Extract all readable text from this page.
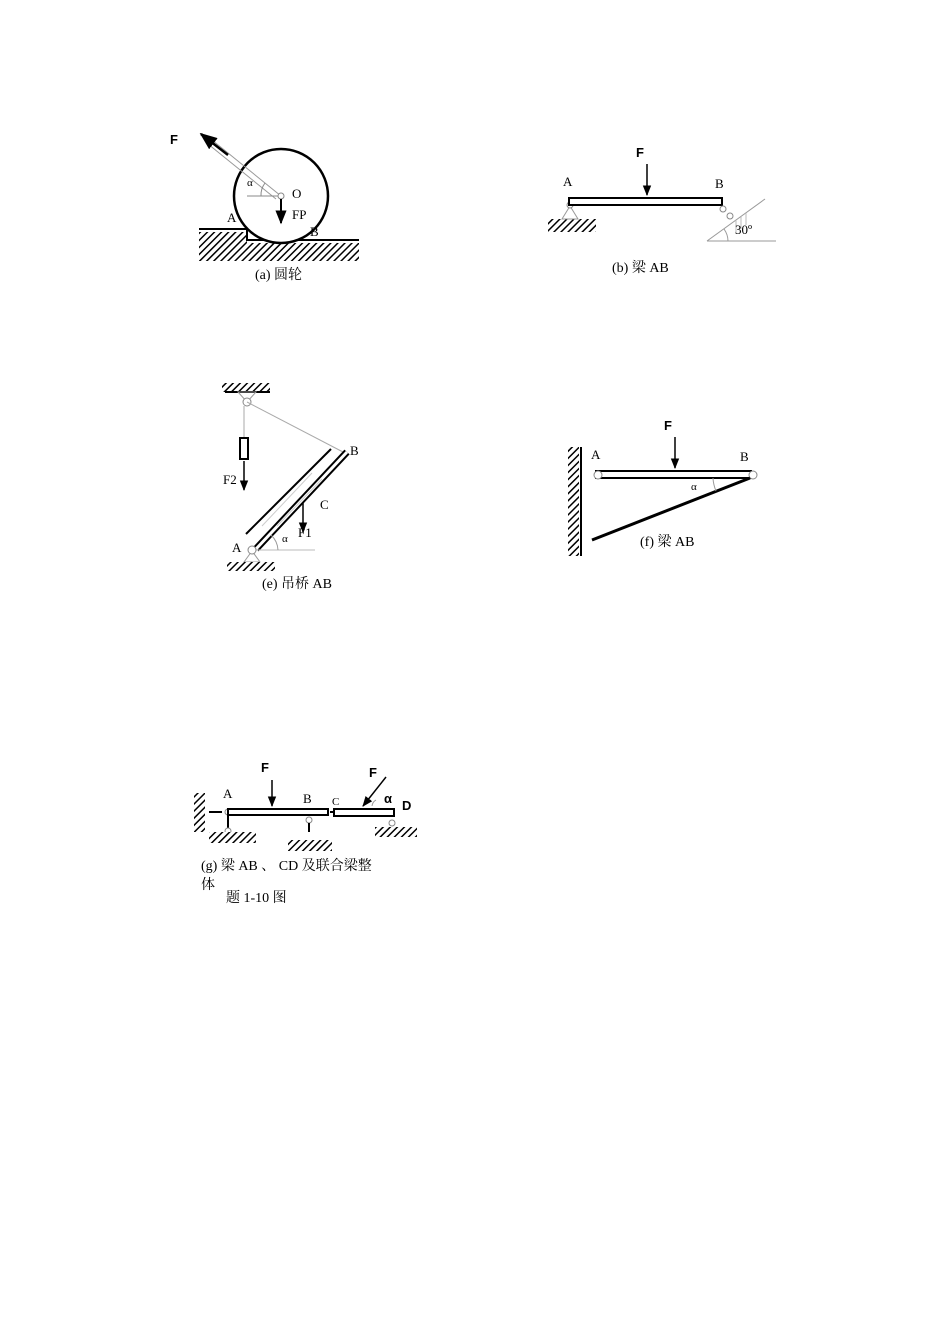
F
O
α
FP
A
B
(a) 圆轮
F
A	B
30º
(b) 梁 AB
B
C
F1
F2
A
α
(e) 吊桥 AB
F
A	B
α
(f) 梁 AB
F	F
A	B C	α D
(g) 梁 AB 、 CD 及联合梁整
体
题 1-10 图
